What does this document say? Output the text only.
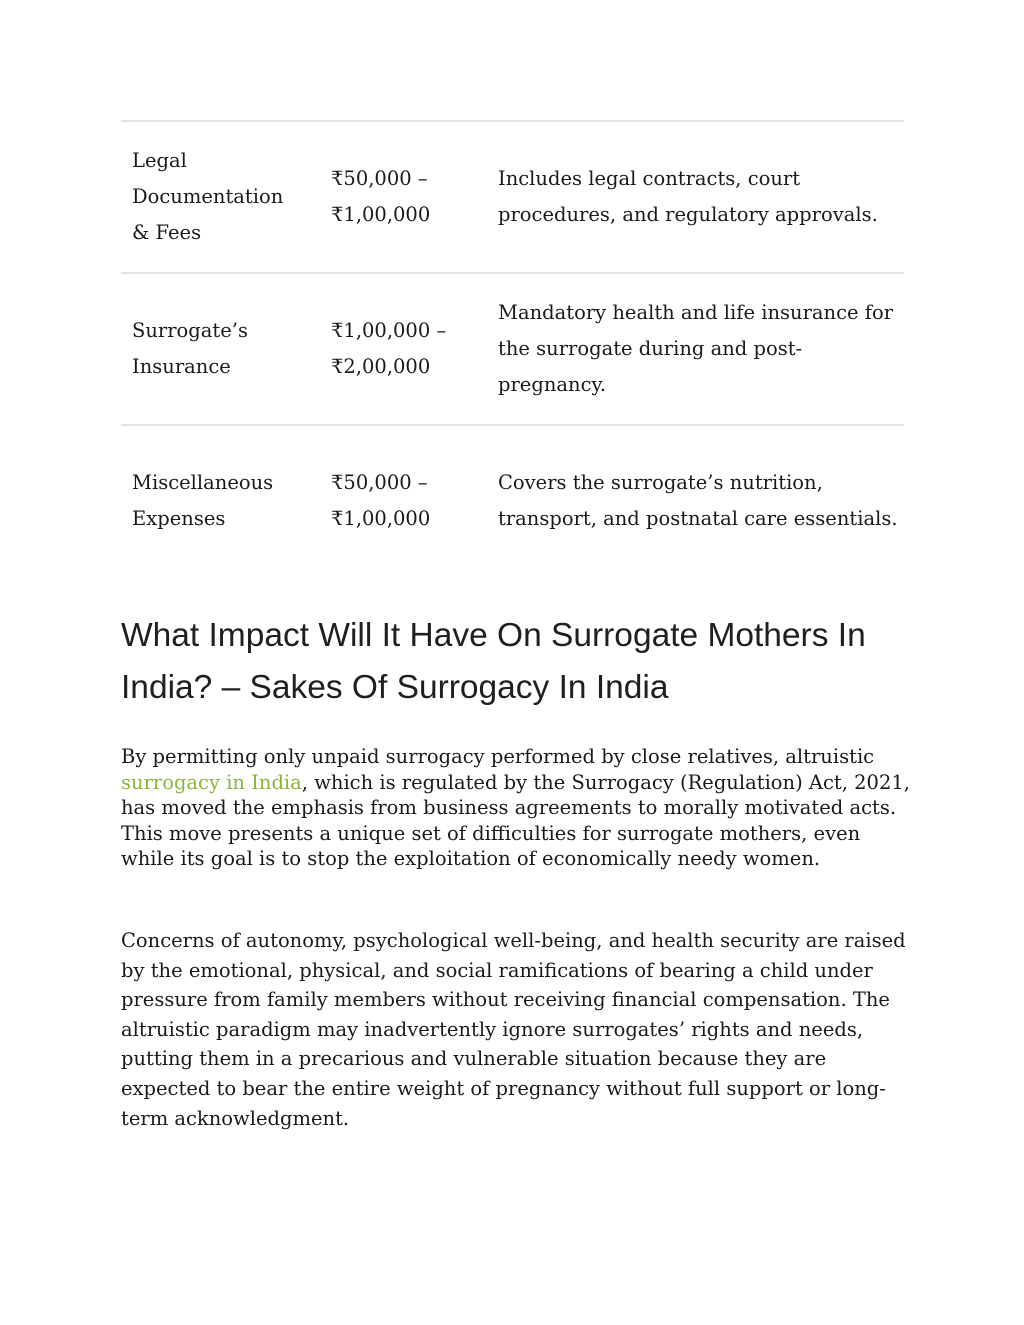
Legal Documentation & Fees
₹50,000 – ₹1,00,000
Includes legal contracts, court procedures, and regulatory approvals.
Surrogate’s Insurance
₹1,00,000 – ₹2,00,000
Mandatory health and life insurance for the surrogate during and post-pregnancy.
Miscellaneous Expenses
₹50,000 – ₹1,00,000
Covers the surrogate’s nutrition, transport, and postnatal care essentials.
What Impact Will It Have On Surrogate Mothers In India? – Sakes Of Surrogacy In India

By permitting only unpaid surrogacy performed by close relatives, altruistic surrogacy in India, which is regulated by the Surrogacy (Regulation) Act, 2021, has moved the emphasis from business agreements to morally motivated acts. This move presents a unique set of difficulties for surrogate mothers, even while its goal is to stop the exploitation of economically needy women.

Concerns of autonomy, psychological well-being, and health security are raised by the emotional, physical, and social ramifications of bearing a child under pressure from family members without receiving financial compensation. The altruistic paradigm may inadvertently ignore surrogates’ rights and needs, putting them in a precarious and vulnerable situation because they are expected to bear the entire weight of pregnancy without full support or long-term acknowledgment.
